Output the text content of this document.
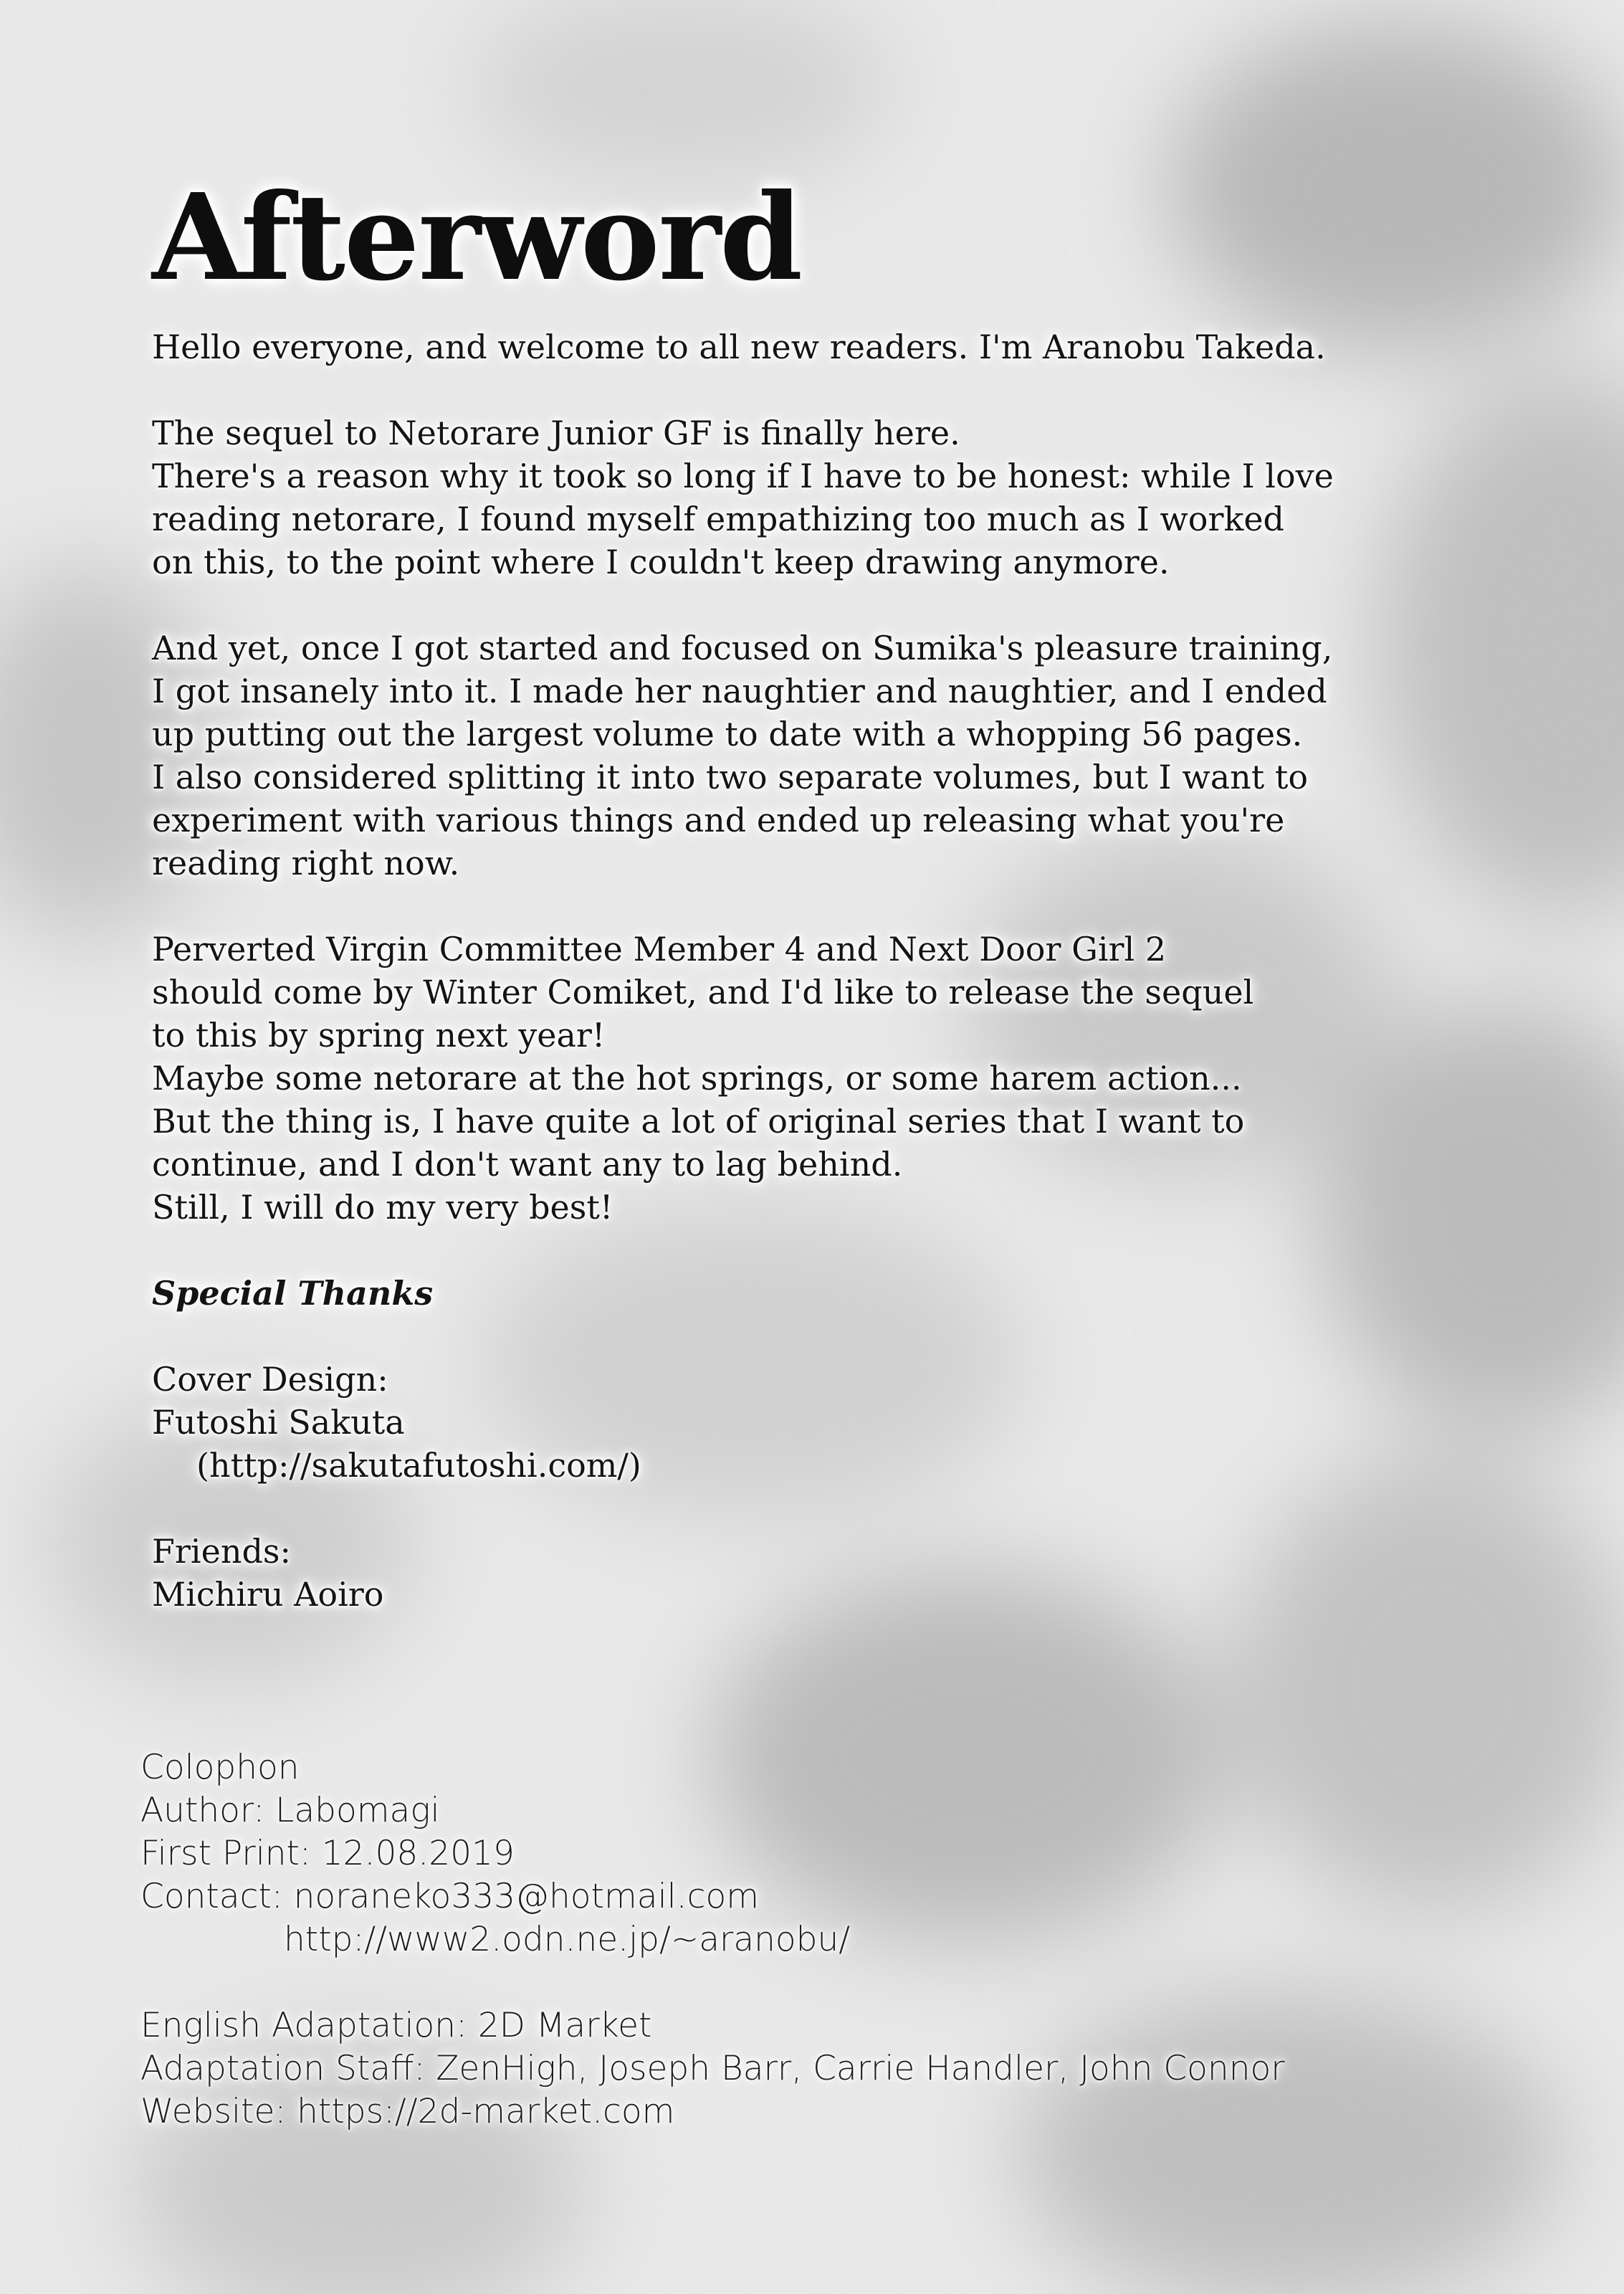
Afterword

Hello everyone, and welcome to all new readers. I'm Aranobu Takeda.

The sequel to Netorare Junior GF is finally here.
There's a reason why it took so long if I have to be honest: while I love
reading netorare, I found myself empathizing too much as I worked
on this, to the point where I couldn't keep drawing anymore.

And yet, once I got started and focused on Sumika's pleasure training,
I got insanely into it. I made her naughtier and naughtier, and I ended
up putting out the largest volume to date with a whopping 56 pages.
I also considered splitting it into two separate volumes, but I want to
experiment with various things and ended up releasing what you're
reading right now.

Perverted Virgin Committee Member 4 and Next Door Girl 2
should come by Winter Comiket, and I'd like to release the sequel
to this by spring next year!
Maybe some netorare at the hot springs, or some harem action...
But the thing is, I have quite a lot of original series that I want to
continue, and I don't want any to lag behind.
Still, I will do my very best!

Special Thanks

Cover Design:
Futoshi Sakuta
(http://sakutafutoshi.com/)

Friends:
Michiru Aoiro

Colophon
Author: Labomagi
First Print: 12.08.2019
Contact: noraneko333@hotmail.com
http://www2.odn.ne.jp/~aranobu/

English Adaptation: 2D Market
Adaptation Staff: ZenHigh, Joseph Barr, Carrie Handler, John Connor
Website: https://2d-market.com
